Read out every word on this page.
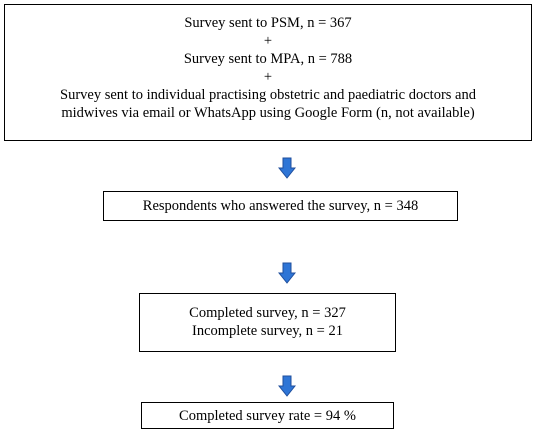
Survey sent to PSM, n = 367
+
Survey sent to MPA, n = 788
+
Survey sent to individual practising obstetric and paediatric doctors and
midwives via email or WhatsApp using Google Form (n, not available)
Respondents who answered the survey, n = 348
Completed survey, n = 327
Incomplete survey, n = 21
Completed survey rate = 94 %
